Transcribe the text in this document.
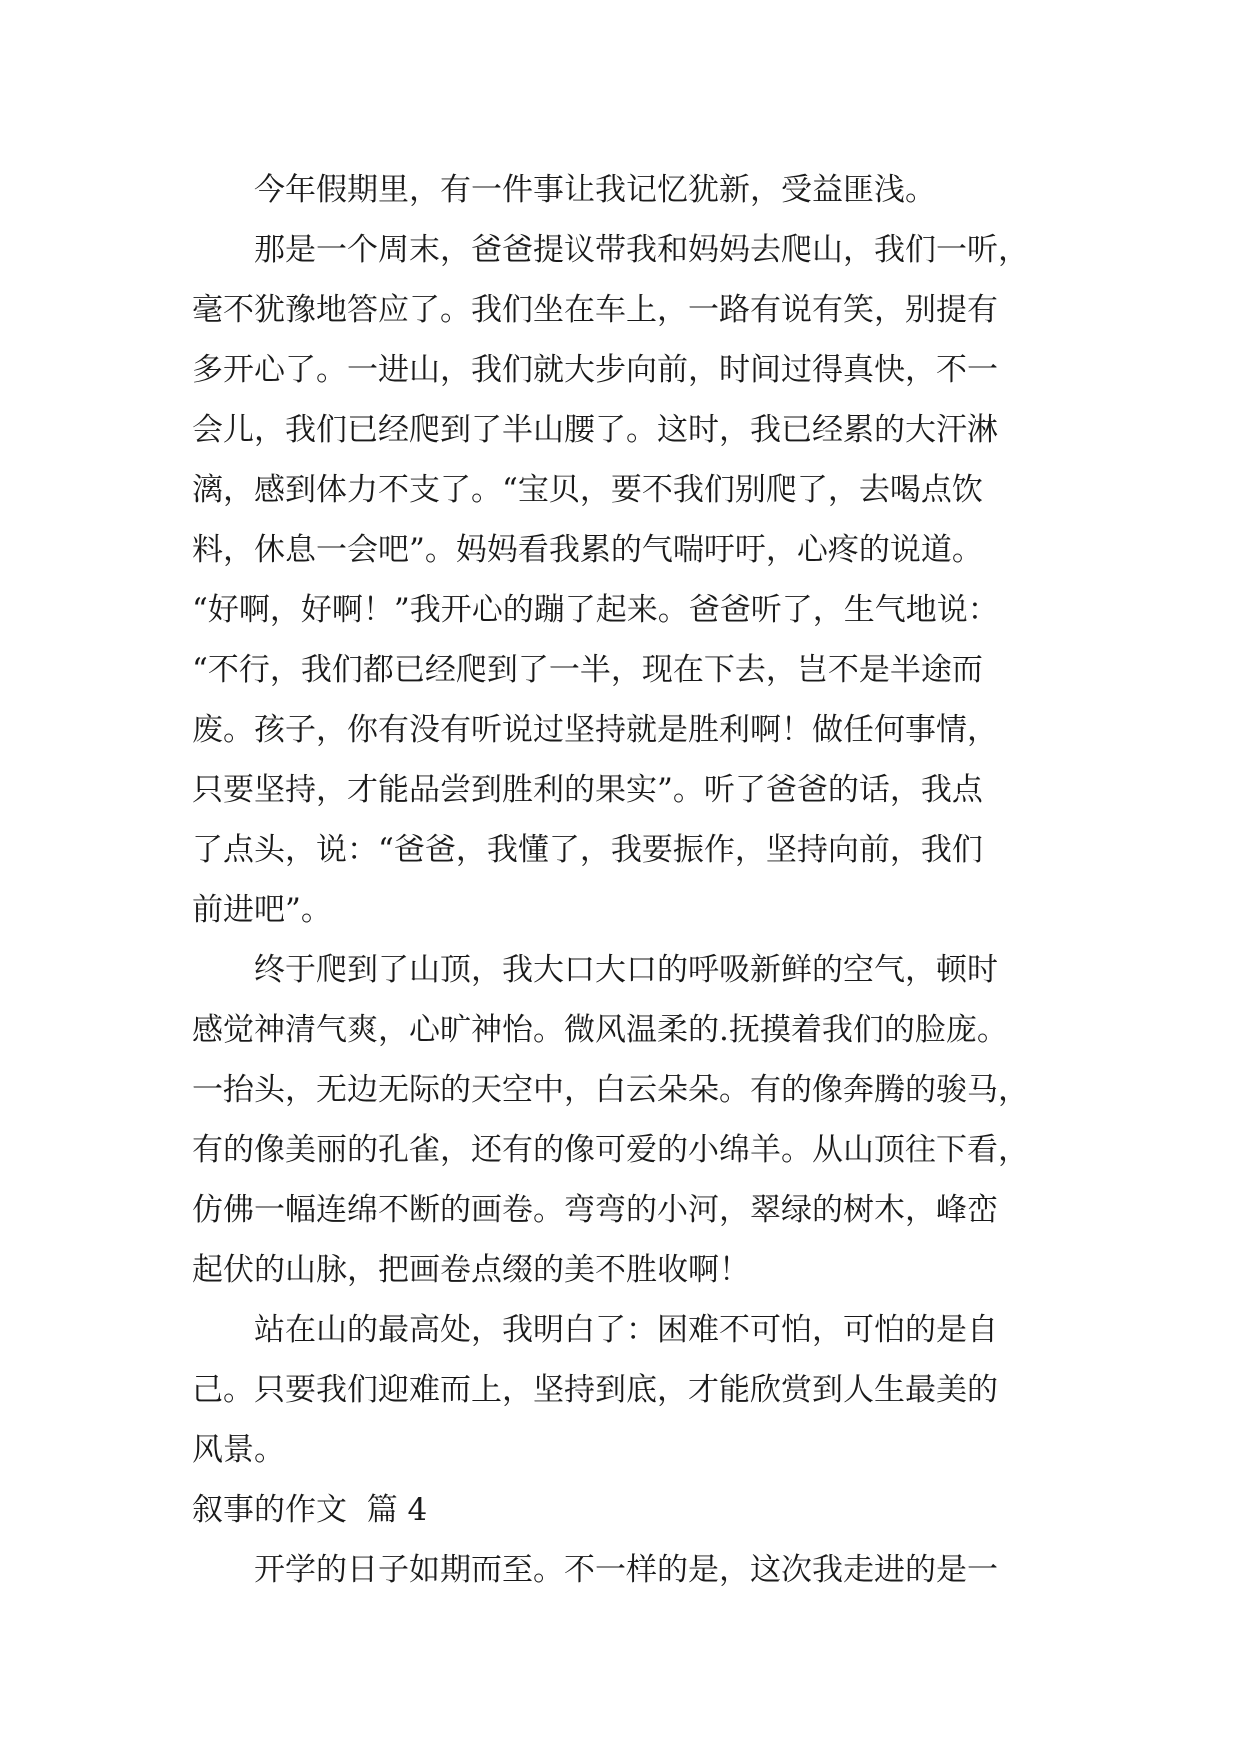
今年假期里，有一件事让我记忆犹新，受益匪浅。

那是一个周末，爸爸提议带我和妈妈去爬山，我们一听，
毫不犹豫地答应了。我们坐在车上，一路有说有笑，别提有
多开心了。一进山，我们就大步向前，时间过得真快，不一
会儿，我们已经爬到了半山腰了。这时，我已经累的大汗淋
漓，感到体力不支了。“宝贝，要不我们别爬了，去喝点饮
料，休息一会吧”。妈妈看我累的气喘吁吁，心疼的说道。
“好啊，好啊！”我开心的蹦了起来。爸爸听了，生气地说：
“不行，我们都已经爬到了一半，现在下去，岂不是半途而
废。孩子，你有没有听说过坚持就是胜利啊！做任何事情，
只要坚持，才能品尝到胜利的果实”。听了爸爸的话，我点
了点头，说：“爸爸，我懂了，我要振作，坚持向前，我们
前进吧”。

终于爬到了山顶，我大口大口的呼吸新鲜的空气，顿时
感觉神清气爽，心旷神怡。微风温柔的.抚摸着我们的脸庞。
一抬头，无边无际的天空中，白云朵朵。有的像奔腾的骏马，
有的像美丽的孔雀，还有的像可爱的小绵羊。从山顶往下看，
仿佛一幅连绵不断的画卷。弯弯的小河，翠绿的树木，峰峦
起伏的山脉，把画卷点缀的美不胜收啊！

站在山的最高处，我明白了：困难不可怕，可怕的是自
己。只要我们迎难而上，坚持到底，才能欣赏到人生最美的
风景。

叙事的作文  篇 4

开学的日子如期而至。不一样的是，这次我走进的是一
